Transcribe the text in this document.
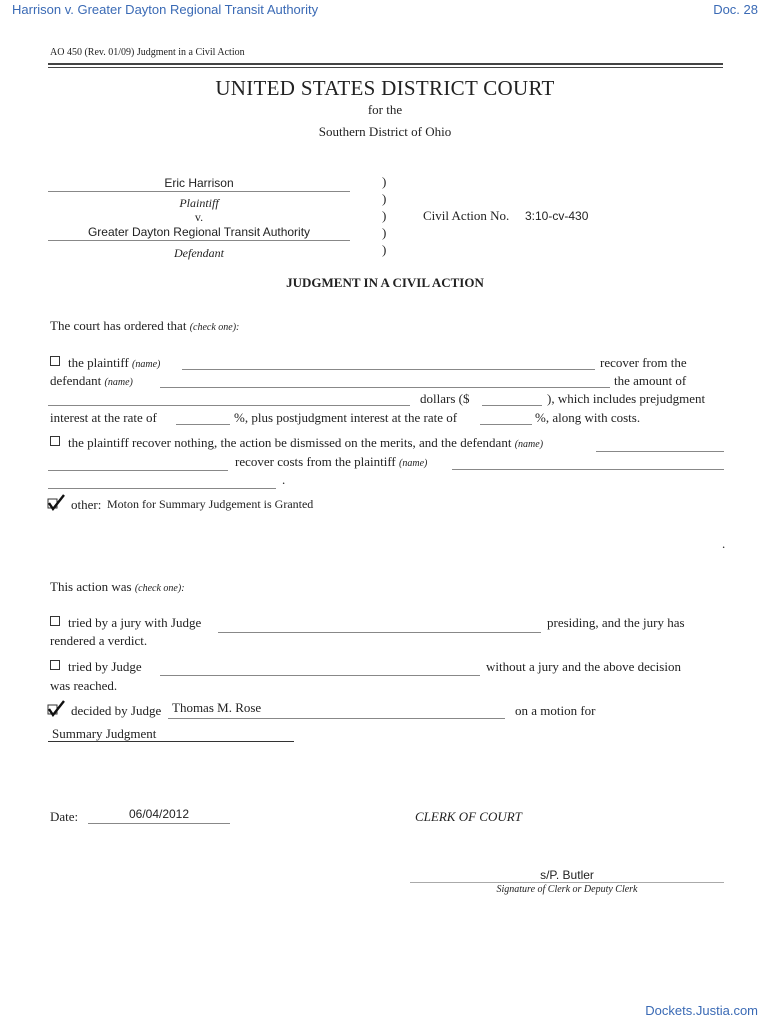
Harrison v. Greater Dayton Regional Transit Authority	Doc. 28
AO 450 (Rev. 01/09) Judgment in a Civil Action
UNITED STATES DISTRICT COURT
for the
Southern District of Ohio
Eric Harrison
Plaintiff
v.
Greater Dayton Regional Transit Authority
Defendant
)
)
)
)
)
Civil Action No. 3:10-cv-430
JUDGMENT IN A CIVIL ACTION
The court has ordered that (check one):
the plaintiff (name)	recover from the
defendant (name)	the amount of
dollars ($	), which includes prejudgment
interest at the rate of	%, plus postjudgment interest at the rate of	%, along with costs.
the plaintiff recover nothing, the action be dismissed on the merits, and the defendant (name)
recover costs from the plaintiff (name)
.
other: Moton for Summary Judgement is Granted
.
This action was (check one):
tried by a jury with Judge	presiding, and the jury has
rendered a verdict.
tried by Judge	without a jury and the above decision
was reached.
decided by Judge Thomas M. Rose	on a motion for
Summary Judgment
Date:	06/04/2012	CLERK OF COURT
s/P. Butler
Signature of Clerk or Deputy Clerk
Dockets.Justia.com
